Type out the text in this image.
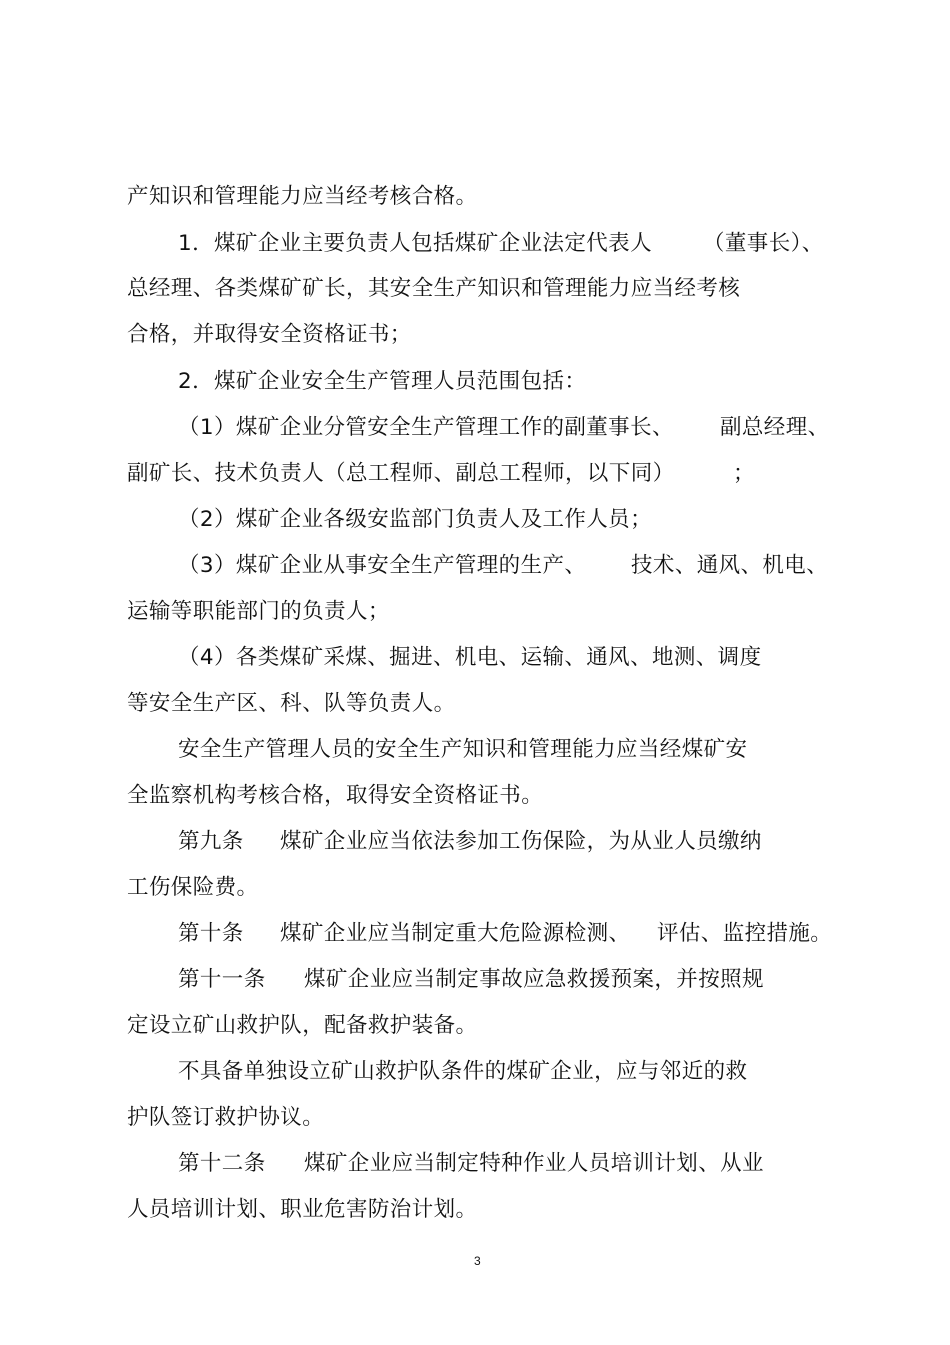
产知识和管理能力应当经考核合格。
1．煤矿企业主要负责人包括煤矿企业法定代表人 （董事长）、
总经理、各类煤矿矿长，其安全生产知识和管理能力应当经考核
合格，并取得安全资格证书；
2．煤矿企业安全生产管理人员范围包括：
（1）煤矿企业分管安全生产管理工作的副董事长、 副总经理、
副矿长、技术负责人（总工程师、副总工程师，以下同）	；
（2）煤矿企业各级安监部门负责人及工作人员；
（3）煤矿企业从事安全生产管理的生产、 技术、通风、机电、
运输等职能部门的负责人；
（4）各类煤矿采煤、掘进、机电、运输、通风、地测、调度
等安全生产区、科、队等负责人。
安全生产管理人员的安全生产知识和管理能力应当经煤矿安
全监察机构考核合格，取得安全资格证书。
第九条 煤矿企业应当依法参加工伤保险，为从业人员缴纳
工伤保险费。
第十条 煤矿企业应当制定重大危险源检测、 评估、监控措施。
第十一条 煤矿企业应当制定事故应急救援预案，并按照规
定设立矿山救护队，配备救护装备。
不具备单独设立矿山救护队条件的煤矿企业，应与邻近的救
护队签订救护协议。
第十二条 煤矿企业应当制定特种作业人员培训计划、从业
人员培训计划、职业危害防治计划。
3
